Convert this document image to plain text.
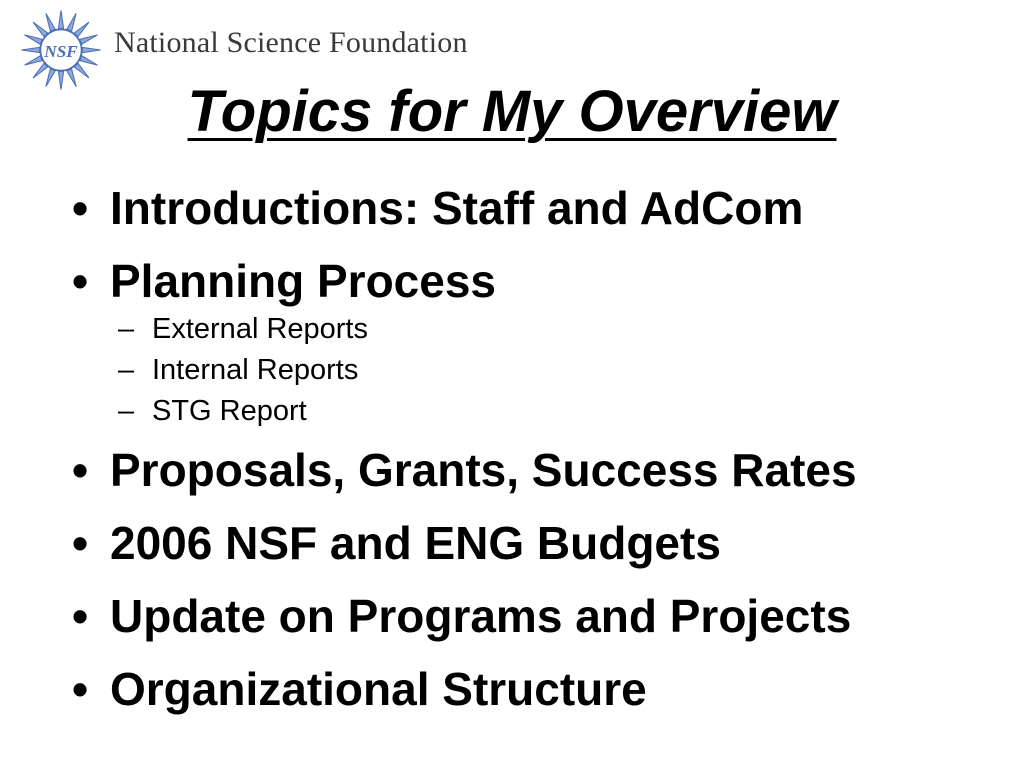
NSF National Science Foundation
Topics for My Overview
• Introductions: Staff and AdCom
• Planning Process
– External Reports
– Internal Reports
– STG Report
• Proposals, Grants, Success Rates
• 2006 NSF and ENG Budgets
• Update on Programs and Projects
• Organizational Structure
